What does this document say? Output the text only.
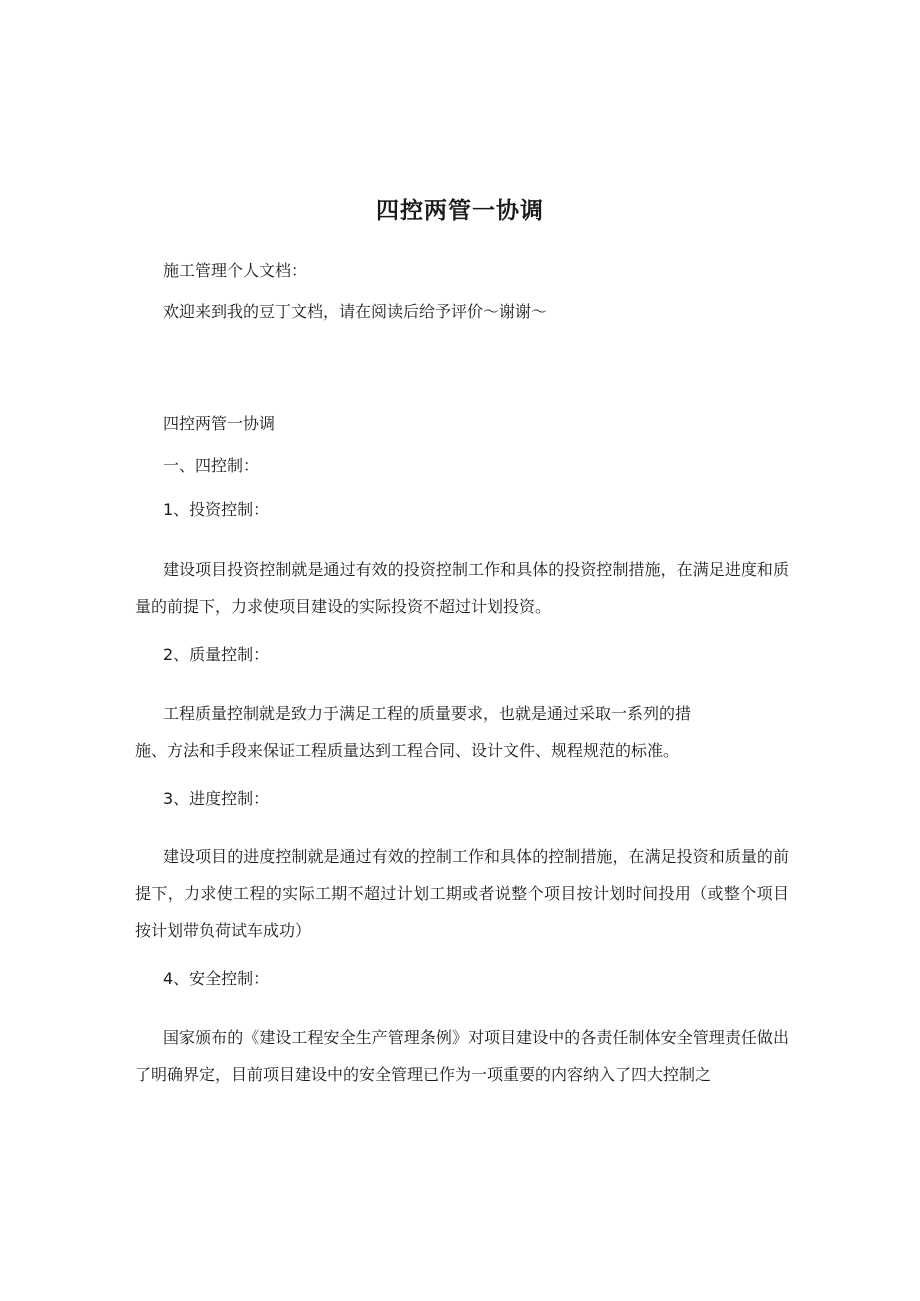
四控两管一协调
施工管理个人文档：
欢迎来到我的豆丁文档，请在阅读后给予评价～谢谢～
四控两管一协调
一、四控制：
1、投资控制：
建设项目投资控制就是通过有效的投资控制工作和具体的投资控制措施，在满足进度和质量的前提下，力求使项目建设的实际投资不超过计划投资。
2、质量控制：
工程质量控制就是致力于满足工程的质量要求，也就是通过采取一系列的措
施、方法和手段来保证工程质量达到工程合同、设计文件、规程规范的标准。
3、进度控制：
建设项目的进度控制就是通过有效的控制工作和具体的控制措施，在满足投资和质量的前提下，力求使工程的实际工期不超过计划工期或者说整个项目按计划时间投用（或整个项目按计划带负荷试车成功）
4、安全控制：
国家颁布的《建设工程安全生产管理条例》对项目建设中的各责任制体安全管理责任做出了明确界定，目前项目建设中的安全管理已作为一项重要的内容纳入了四大控制之
